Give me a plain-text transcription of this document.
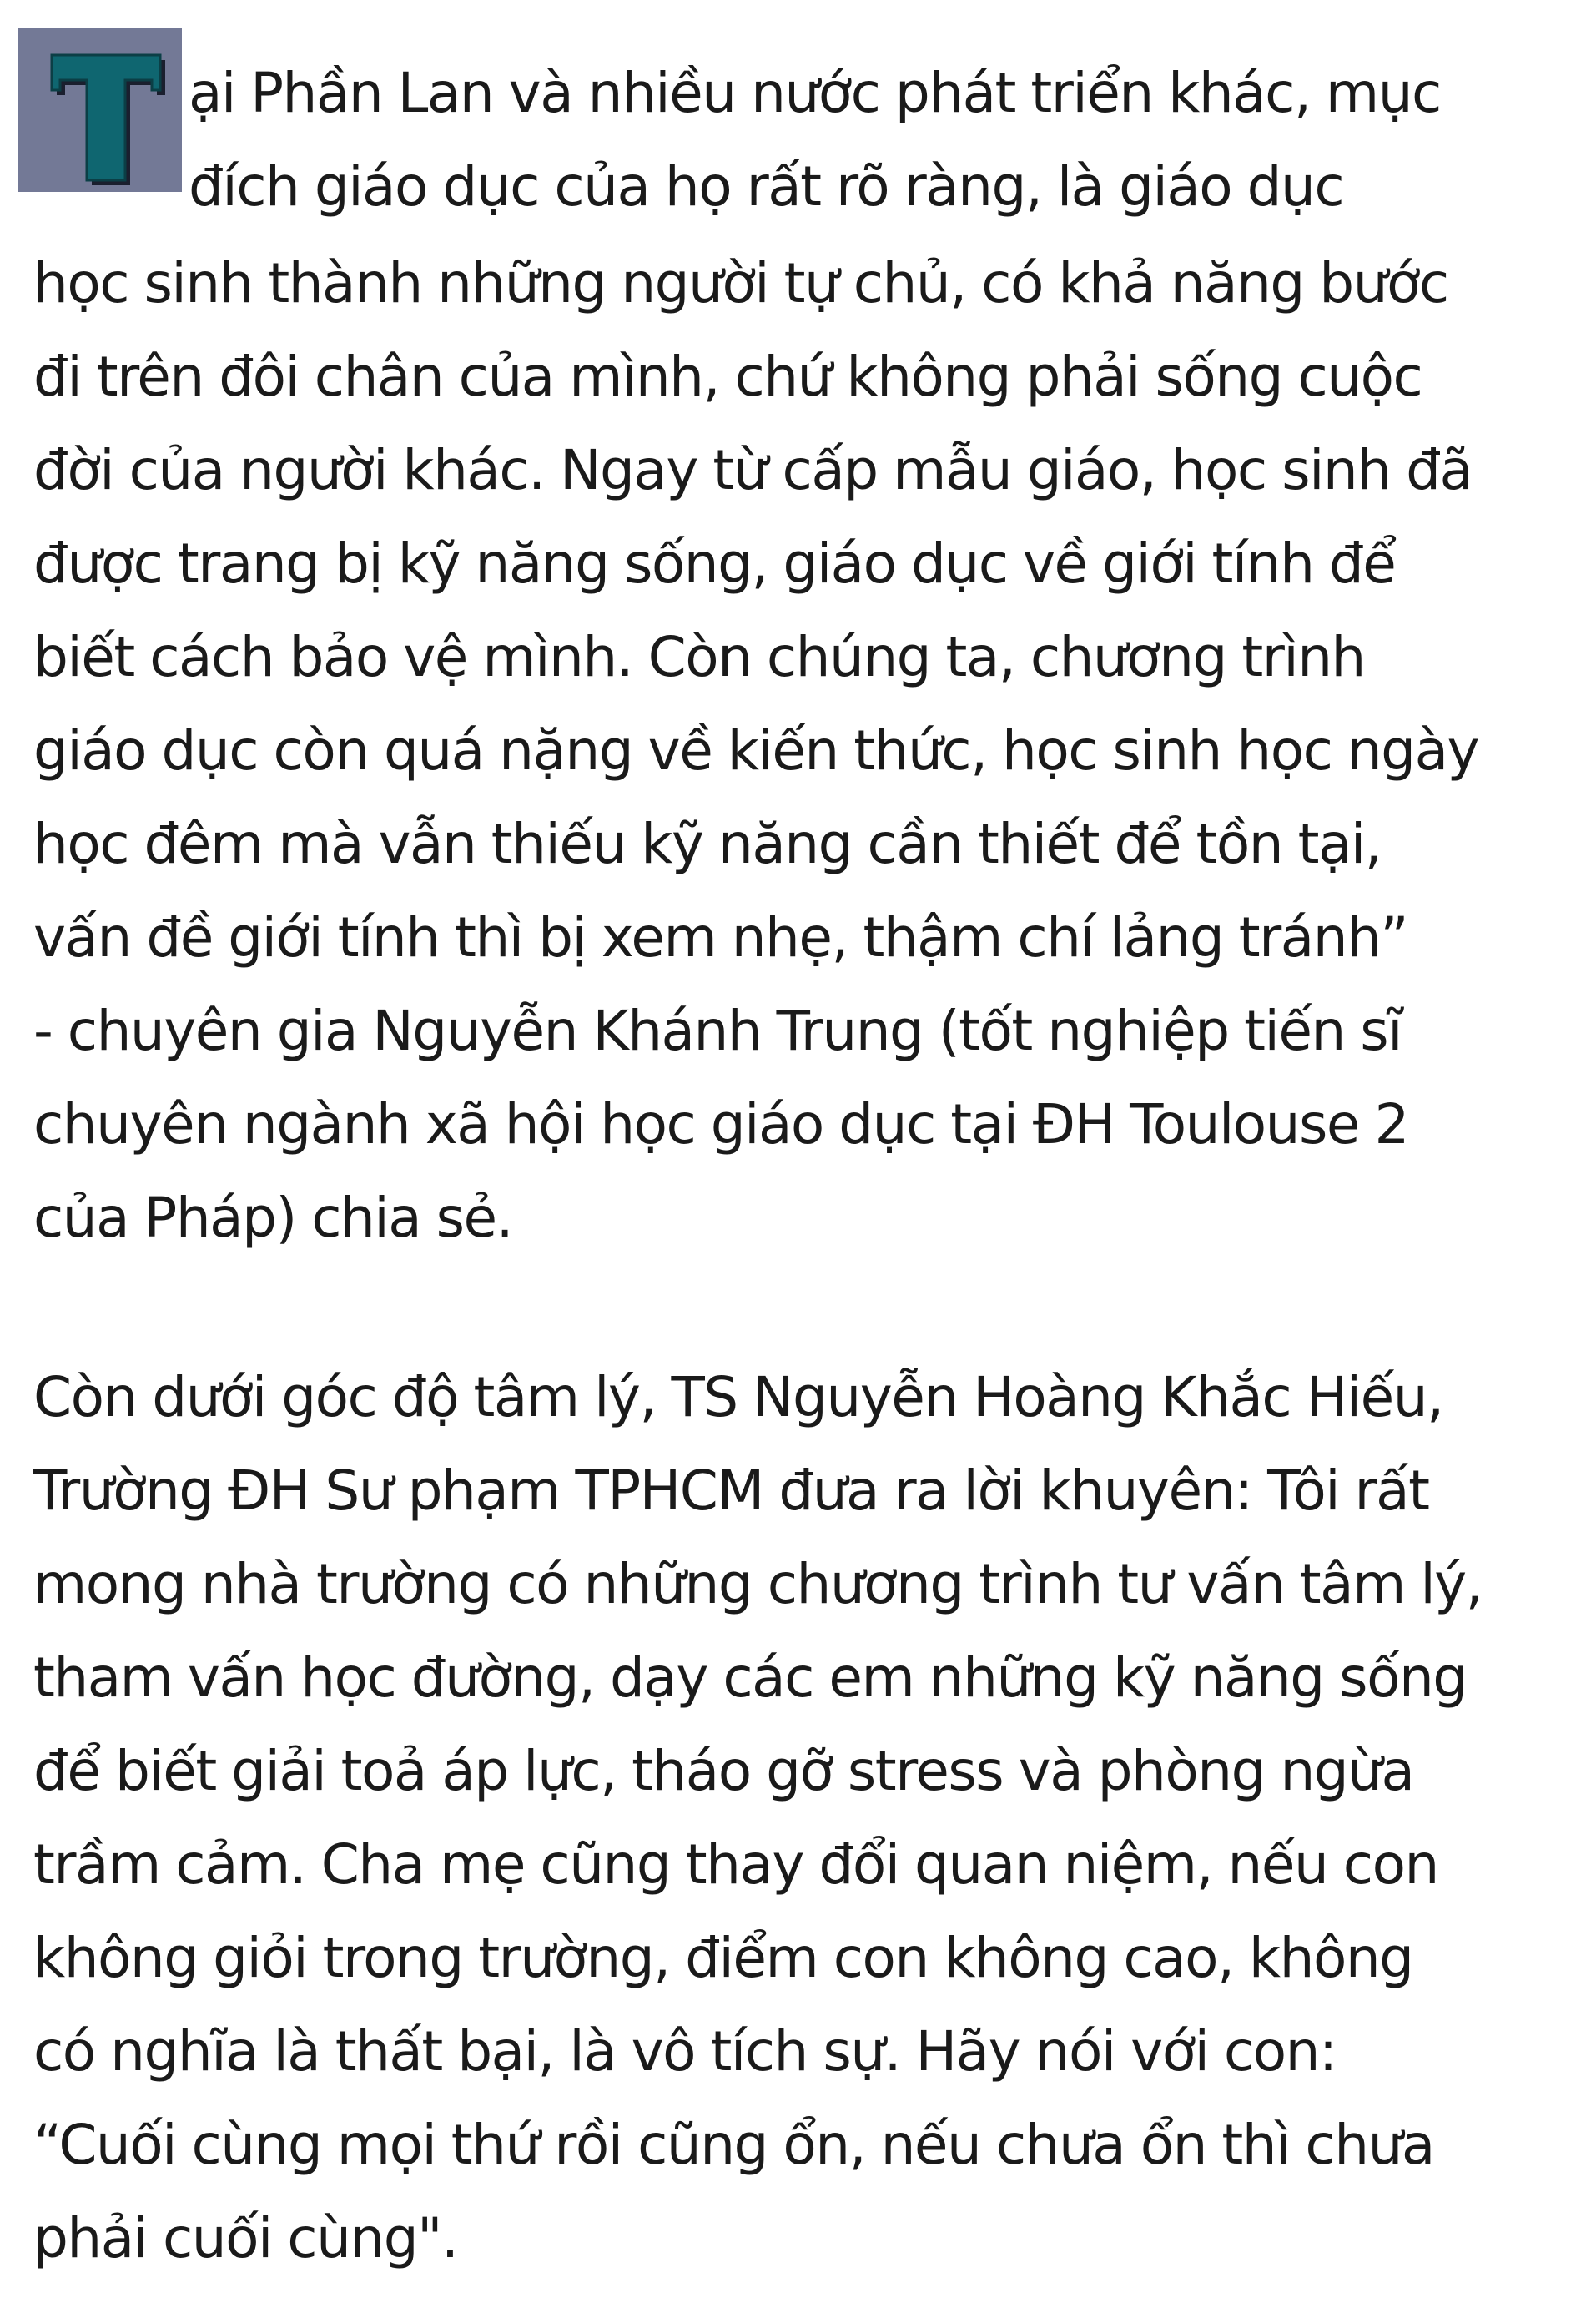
ại Phần Lan và nhiều nước phát triển khác, mục
đích giáo dục của họ rất rõ ràng, là giáo dục
học sinh thành những người tự chủ, có khả năng bước
đi trên đôi chân của mình, chứ không phải sống cuộc
đời của người khác. Ngay từ cấp mẫu giáo, học sinh đã
được trang bị kỹ năng sống, giáo dục về giới tính để
biết cách bảo vệ mình. Còn chúng ta, chương trình
giáo dục còn quá nặng về kiến thức, học sinh học ngày
học đêm mà vẫn thiếu kỹ năng cần thiết để tồn tại,
vấn đề giới tính thì bị xem nhẹ, thậm chí lảng tránh”
- chuyên gia Nguyễn Khánh Trung (tốt nghiệp tiến sĩ
chuyên ngành xã hội học giáo dục tại ĐH Toulouse 2
của Pháp) chia sẻ.
Còn dưới góc độ tâm lý, TS Nguyễn Hoàng Khắc Hiếu,
Trường ĐH Sư phạm TPHCM đưa ra lời khuyên: Tôi rất
mong nhà trường có những chương trình tư vấn tâm lý,
tham vấn học đường, dạy các em những kỹ năng sống
để biết giải toả áp lực, tháo gỡ stress và phòng ngừa
trầm cảm. Cha mẹ cũng thay đổi quan niệm, nếu con
không giỏi trong trường, điểm con không cao, không
có nghĩa là thất bại, là vô tích sự. Hãy nói với con:
“Cuối cùng mọi thứ rồi cũng ổn, nếu chưa ổn thì chưa
phải cuối cùng".
